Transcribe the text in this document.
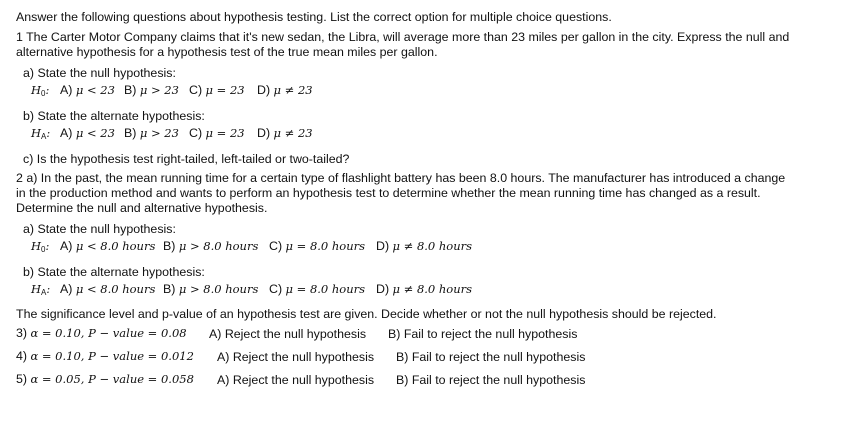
Answer the following questions about hypothesis testing. List the correct option for multiple choice questions.
1 The Carter Motor Company claims that it's new sedan, the Libra, will average more than 23 miles per gallon in the city. Express the null and
alternative hypothesis for a hypothesis test of the true mean miles per gallon.
a) State the null hypothesis:
$H_0$: A) μ < 23 B) μ > 23 C) μ = 23 D) μ ≠ 23
b) State the alternate hypothesis:
$H_A$: A) μ < 23 B) μ > 23 C) μ = 23 D) μ ≠ 23
c) Is the hypothesis test right-tailed, left-tailed or two-tailed?
2 a) In the past, the mean running time for a certain type of flashlight battery has been 8.0 hours. The manufacturer has introduced a change
in the production method and wants to perform an hypothesis test to determine whether the mean running time has changed as a result.
Determine the null and alternative hypothesis.
a) State the null hypothesis:
$H_0$: A) μ < 8.0 hours B) μ > 8.0 hours C) μ = 8.0 hours D) μ ≠ 8.0 hours
b) State the alternate hypothesis:
$H_A$: A) μ < 8.0 hours B) μ > 8.0 hours C) μ = 8.0 hours D) μ ≠ 8.0 hours
The significance level and p-value of an hypothesis test are given. Decide whether or not the null hypothesis should be rejected.
3) α = 0.10, P − value = 0.08 A) Reject the null hypothesis B) Fail to reject the null hypothesis
4) α = 0.10, P − value = 0.012 A) Reject the null hypothesis B) Fail to reject the null hypothesis
5) α = 0.05, P − value = 0.058 A) Reject the null hypothesis B) Fail to reject the null hypothesis
